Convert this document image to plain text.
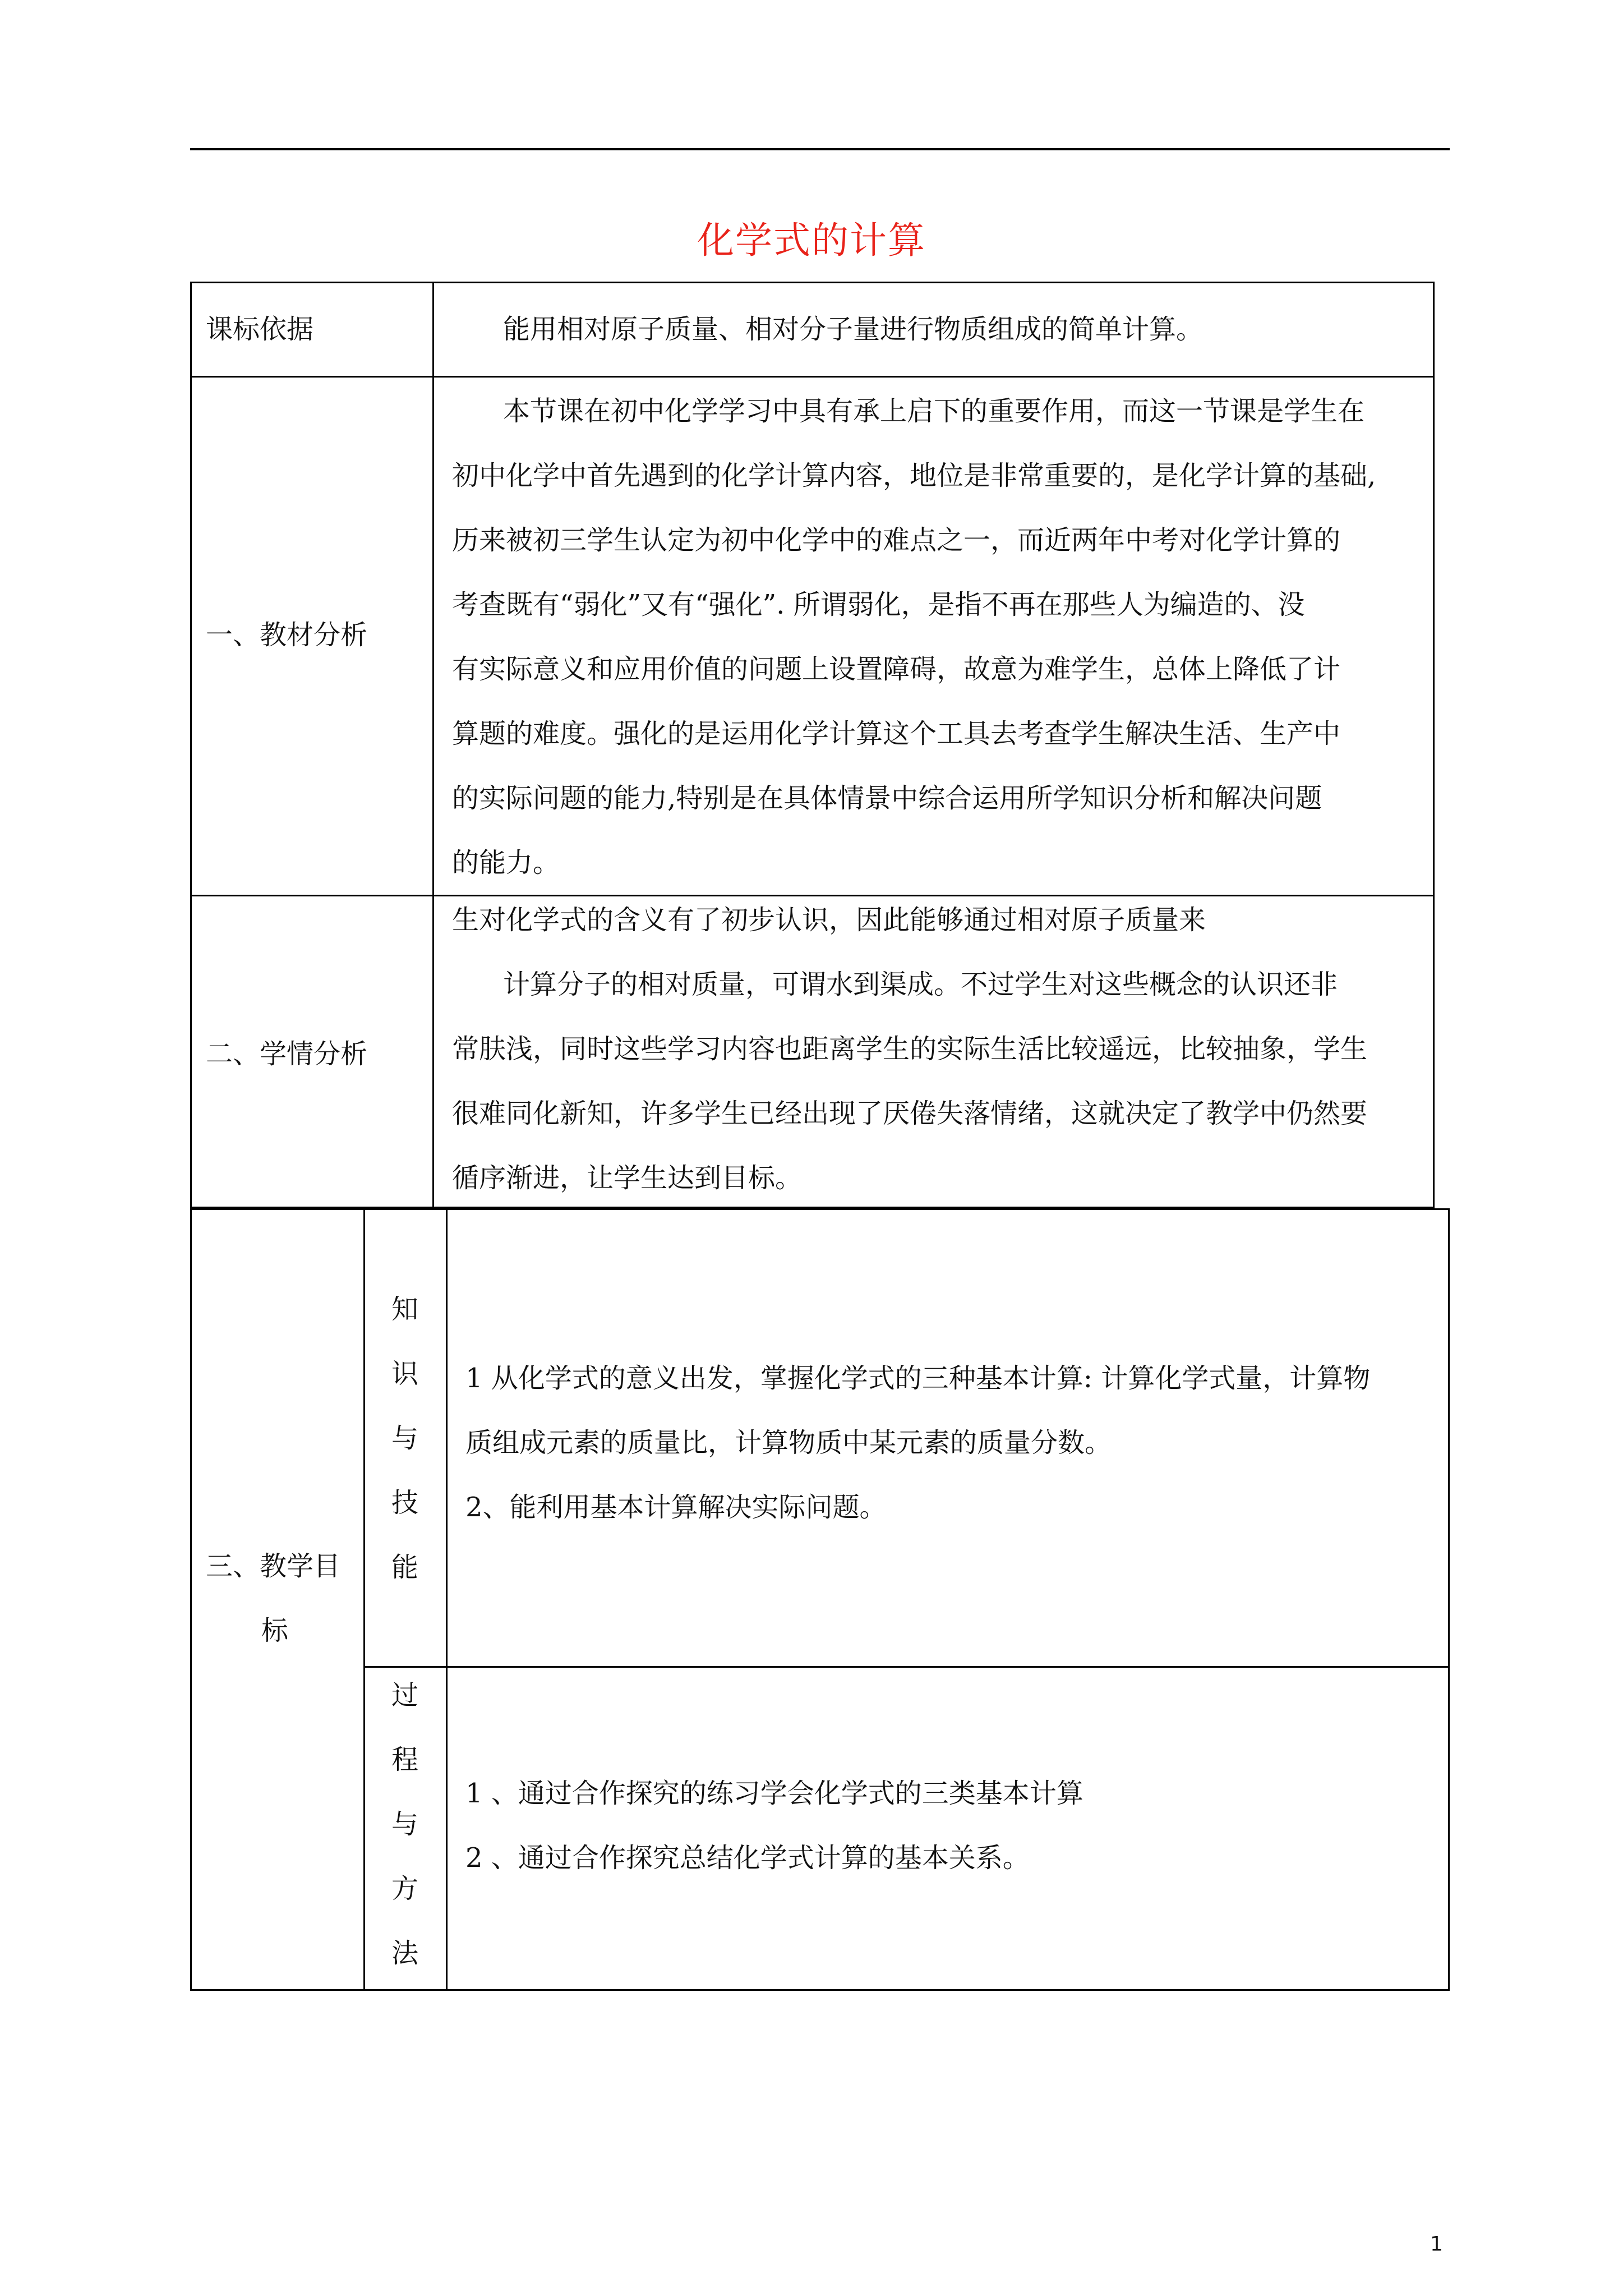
化学式的计算
课标依据	能用相对原子质量、相对分子量进行物质组成的简单计算。
一、教材分析

本节课在初中化学学习中具有承上启下的重要作用，而这一节课是学生在

初中化学中首先遇到的化学计算内容，地位是非常重要的，是化学计算的基础,

历来被初三学生认定为初中化学中的难点之一，而近两年中考对化学计算的

考查既有“弱化”又有“强化”. 所谓弱化，是指不再在那些人为编造的、没

有实际意义和应用价值的问题上设置障碍，故意为难学生，总体上降低了计

算题的难度。强化的是运用化学计算这个工具去考查学生解决生活、生产中

的实际问题的能力,特别是在具体情景中综合运用所学知识分析和解决问题

的能力。

二、学情分析

生对化学式的含义有了初步认识，因此能够通过相对原子质量来

计算分子的相对质量，可谓水到渠成。不过学生对这些概念的认识还非

常肤浅，同时这些学习内容也距离学生的实际生活比较遥远，比较抽象，学生

很难同化新知，许多学生已经出现了厌倦失落情绪，这就决定了教学中仍然要

循序渐进，让学生达到目标。

三、教学目
标
知
识
与
技
能

1 从化学式的意义出发，掌握化学式的三种基本计算: 计算化学式量，计算物

质组成元素的质量比，计算物质中某元素的质量分数。

2、能利用基本计算解决实际问题。

过
程
与
方
法

1 、通过合作探究的练习学会化学式的三类基本计算

2 、通过合作探究总结化学式计算的基本关系。

1
